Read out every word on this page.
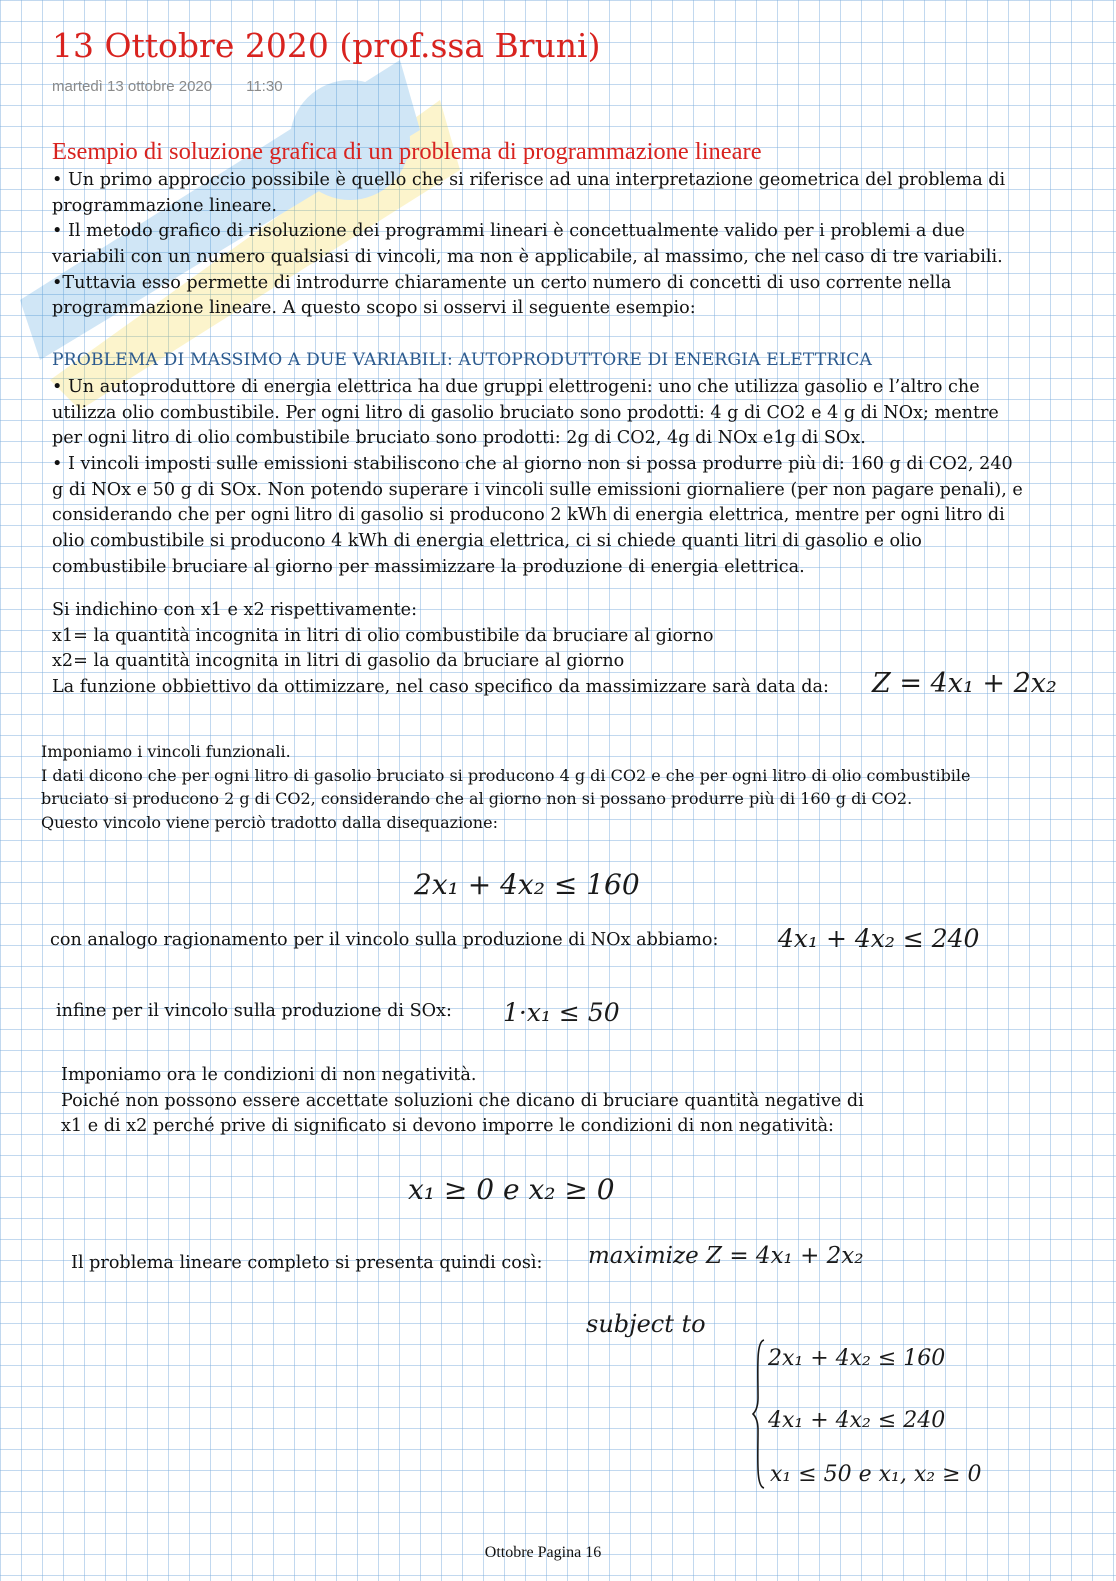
13 Ottobre 2020 (prof.ssa Bruni)
martedì 13 ottobre 2020 11:30
Esempio di soluzione grafica di un problema di programmazione lineare
• Un primo approccio possibile è quello che si riferisce ad una interpretazione geometrica del problema di
programmazione lineare.
• Il metodo grafico di risoluzione dei programmi lineari è concettualmente valido per i problemi a due
variabili con un numero qualsiasi di vincoli, ma non è applicabile, al massimo, che nel caso di tre variabili.
•Tuttavia esso permette di introdurre chiaramente un certo numero di concetti di uso corrente nella
programmazione lineare. A questo scopo si osservi il seguente esempio:
PROBLEMA DI MASSIMO A DUE VARIABILI: AUTOPRODUTTORE DI ENERGIA ELETTRICA
• Un autoproduttore di energia elettrica ha due gruppi elettrogeni: uno che utilizza gasolio e l’altro che
utilizza olio combustibile. Per ogni litro di gasolio bruciato sono prodotti: 4 g di CO2 e 4 g di NOx; mentre
per ogni litro di olio combustibile bruciato sono prodotti: 2g di CO2, 4g di NOx e1g di SOx.
• I vincoli imposti sulle emissioni stabiliscono che al giorno non si possa produrre più di: 160 g di CO2, 240
g di NOx e 50 g di SOx. Non potendo superare i vincoli sulle emissioni giornaliere (per non pagare penali), e
considerando che per ogni litro di gasolio si producono 2 kWh di energia elettrica, mentre per ogni litro di
olio combustibile si producono 4 kWh di energia elettrica, ci si chiede quanti litri di gasolio e olio
combustibile bruciare al giorno per massimizzare la produzione di energia elettrica.
Si indichino con x1 e x2 rispettivamente:
x1= la quantità incognita in litri di olio combustibile da bruciare al giorno
x2= la quantità incognita in litri di gasolio da bruciare al giorno
La funzione obbiettivo da ottimizzare, nel caso specifico da massimizzare sarà data da: Z = 4x₁ + 2x₂
Imponiamo i vincoli funzionali.
I dati dicono che per ogni litro di gasolio bruciato si producono 4 g di CO2 e che per ogni litro di olio combustibile
bruciato si producono 2 g di CO2, considerando che al giorno non si possano produrre più di 160 g di CO2.
Questo vincolo viene perciò tradotto dalla disequazione:
2x₁ + 4x₂ ≤ 160
con analogo ragionamento per il vincolo sulla produzione di NOx abbiamo: 4x₁ + 4x₂ ≤ 240
infine per il vincolo sulla produzione di SOx: 1·x₁ ≤ 50
Imponiamo ora le condizioni di non negatività.
Poiché non possono essere accettate soluzioni che dicano di bruciare quantità negative di
x1 e di x2 perché prive di significato si devono imporre le condizioni di non negatività:
x₁ ≥ 0 e x₂ ≥ 0
Il problema lineare completo si presenta quindi così: maximize Z = 4x₁ + 2x₂
subject to
2x₁ + 4x₂ ≤ 160
4x₁ + 4x₂ ≤ 240
x₁ ≤ 50 e x₁, x₂ ≥ 0
Ottobre Pagina 16
